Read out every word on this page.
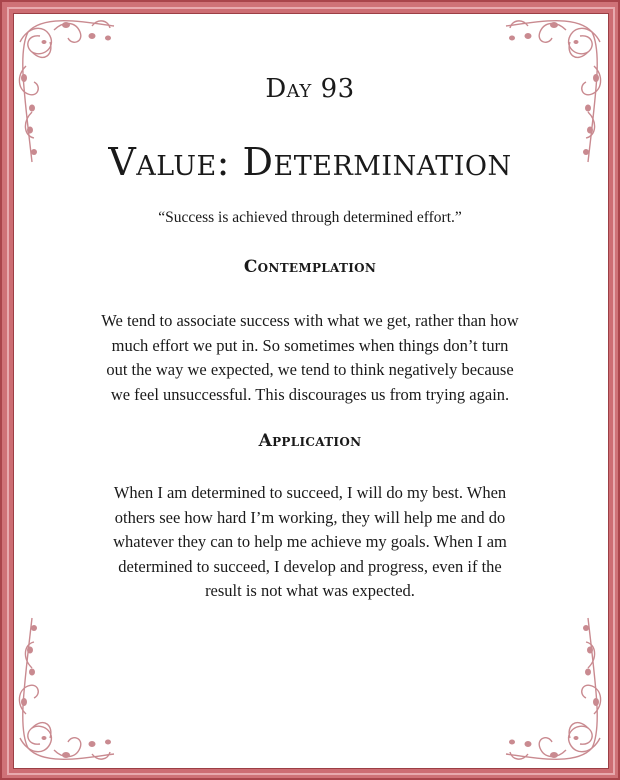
Day 93
Value: Determination
“Success is achieved through determined effort.”
Contemplation
We tend to associate success with what we get, rather than how
much effort we put in. So sometimes when things don’t turn
out the way we expected, we tend to think negatively because
we feel unsuccessful. This discourages us from trying again.
Application
When I am determined to succeed, I will do my best. When
others see how hard I’m working, they will help me and do
whatever they can to help me achieve my goals. When I am
determined to succeed, I develop and progress, even if the
result is not what was expected.
